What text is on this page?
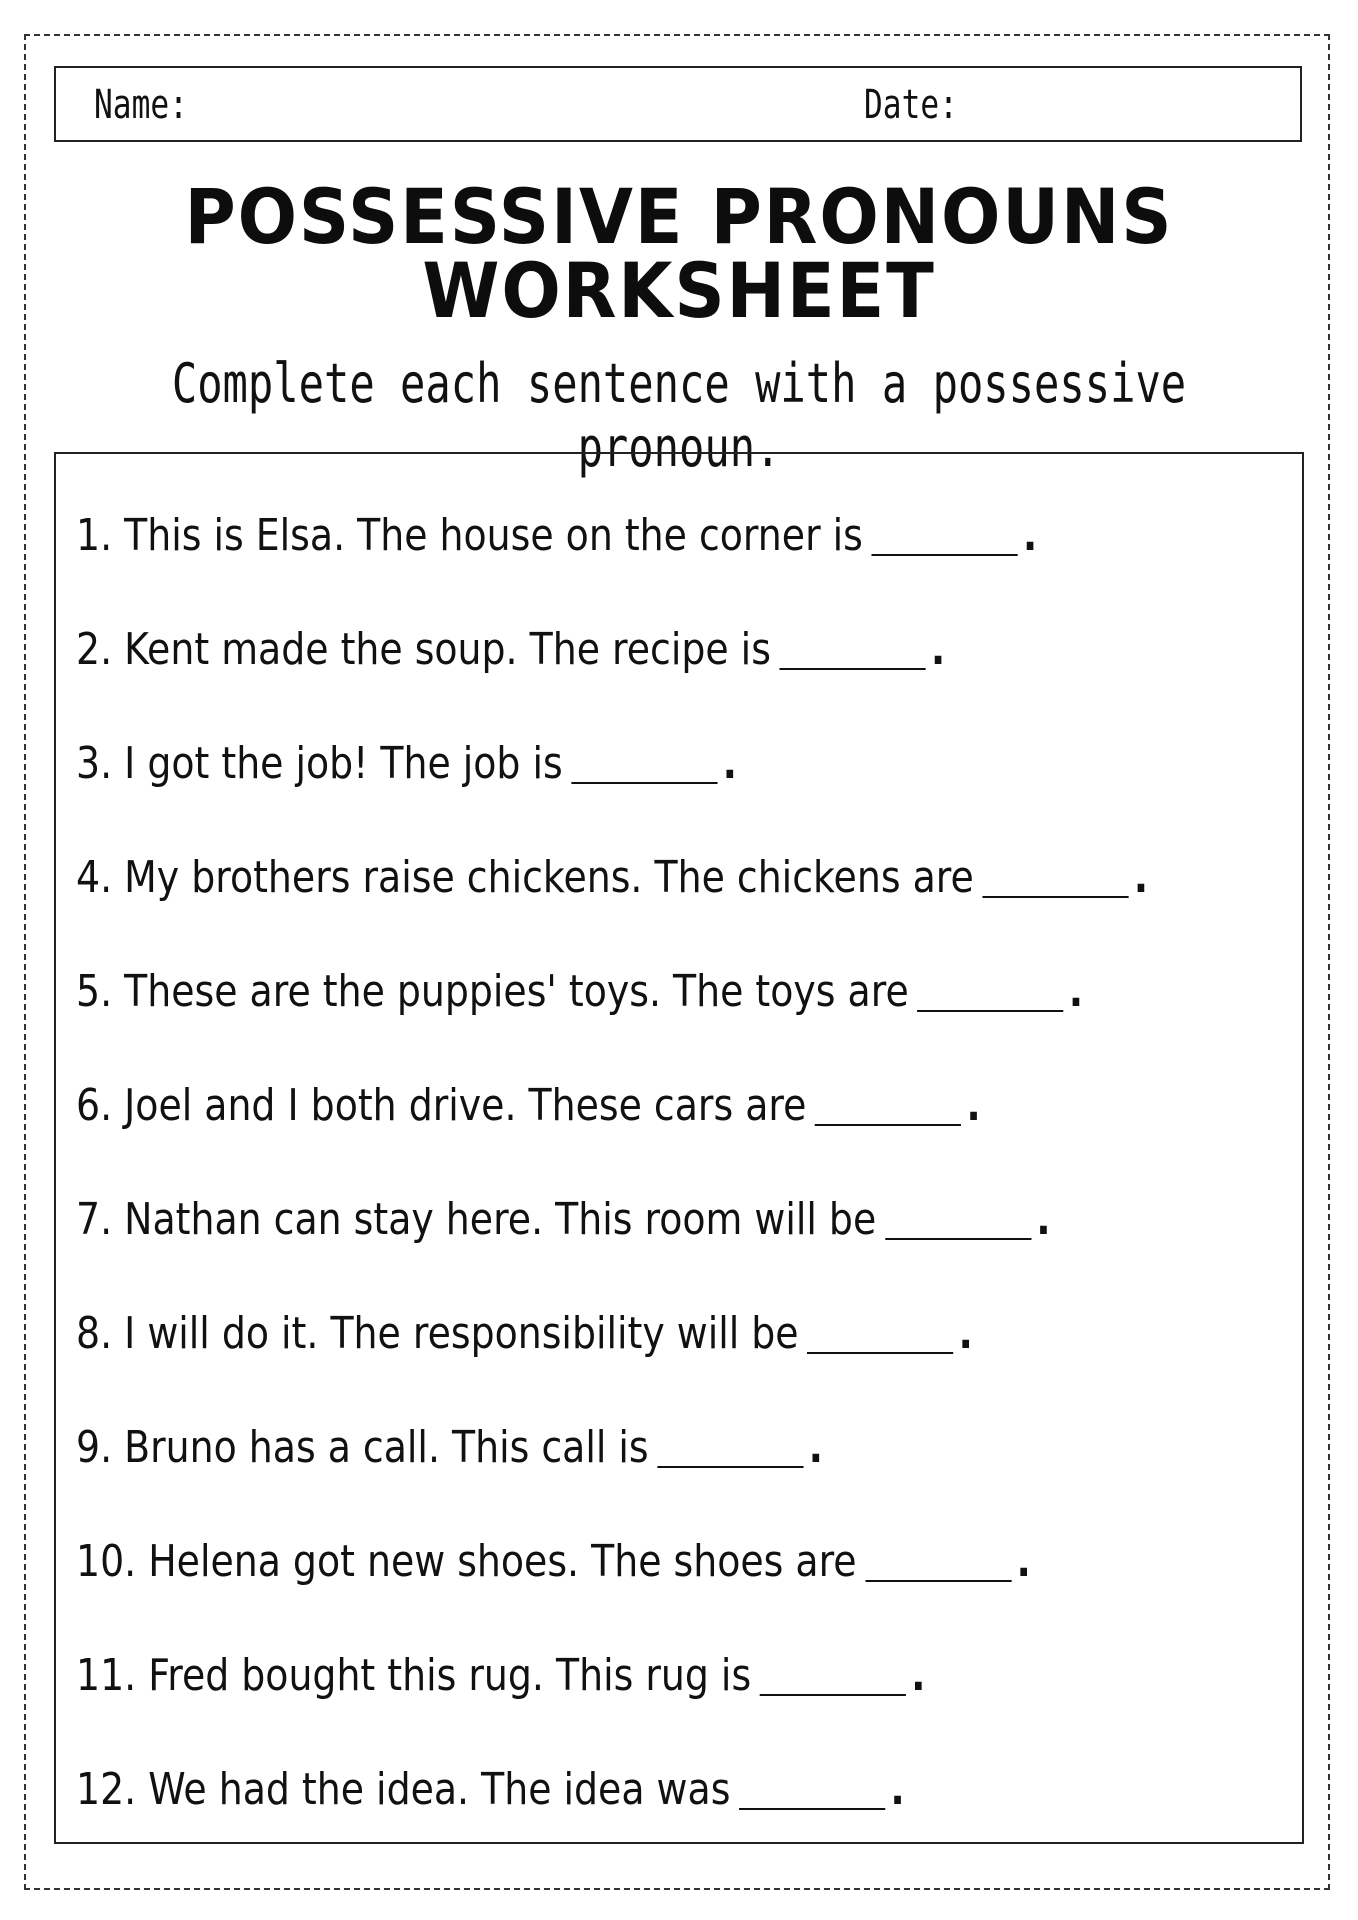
Name:	Date:
POSSESSIVE PRONOUNS
WORKSHEET
Complete each sentence with a possessive pronoun.
1. This is Elsa. The house on the corner is	.
2. Kent made the soup. The recipe is	.
3. I got the job! The job is	.
4. My brothers raise chickens. The chickens are	.
5. These are the puppies' toys. The toys are	.
6. Joel and I both drive. These cars are	.
7. Nathan can stay here. This room will be	.
8. I will do it. The responsibility will be	.
9. Bruno has a call. This call is	.
10. Helena got new shoes. The shoes are	.
11. Fred bought this rug. This rug is	.
12. We had the idea. The idea was	.
